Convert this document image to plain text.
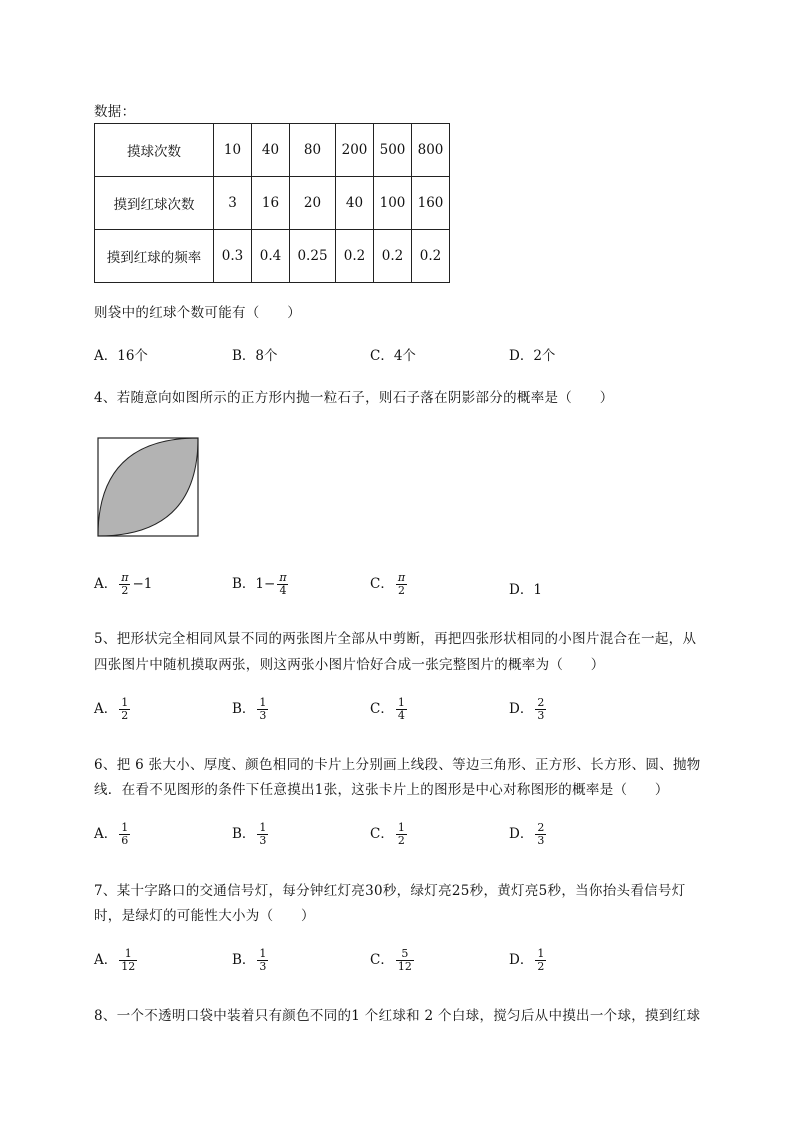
数据：
摸球次数	10	40	80	200	500	800
摸到红球次数	3	16	20	40	100	160
摸到红球的频率	0.3	0.4	0.25	0.2	0.2	0.2
则袋中的红球个数可能有（　　）
A．16个	B．8个	C．4个	D．2个
4、若随意向如图所示的正方形内抛一粒石子，则石子落在阴影部分的概率是（　　）
A． $\frac{\pi}{2} -1$	B．$1- \frac{\pi}{4}$	C． $\frac{\pi}{2}$	D．1
5、把形状完全相同风景不同的两张图片全部从中剪断，再把四张形状相同的小图片混合在一起，从
四张图片中随机摸取两张，则这两张小图片恰好合成一张完整图片的概率为（　　）
A． $\frac{1}{2}$	B． $\frac{1}{3}$	C． $\frac{1}{4}$	D． $\frac{2}{3}$
6、把 6 张大小、厚度、颜色相同的卡片上分别画上线段、等边三角形、正方形、长方形、圆、抛物
线．在看不见图形的条件下任意摸出1张，这张卡片上的图形是中心对称图形的概率是（　　）
A． $\frac{1}{6}$	B． $\frac{1}{3}$	C． $\frac{1}{2}$	D． $\frac{2}{3}$
7、某十字路口的交通信号灯，每分钟红灯亮30秒，绿灯亮25秒，黄灯亮5秒，当你抬头看信号灯
时，是绿灯的可能性大小为（　　）
A． $\frac{1}{12}$	B． $\frac{1}{3}$	C． $\frac{5}{12}$	D． $\frac{1}{2}$
8、一个不透明口袋中装着只有颜色不同的1 个红球和 2 个白球，搅匀后从中摸出一个球，摸到红球
